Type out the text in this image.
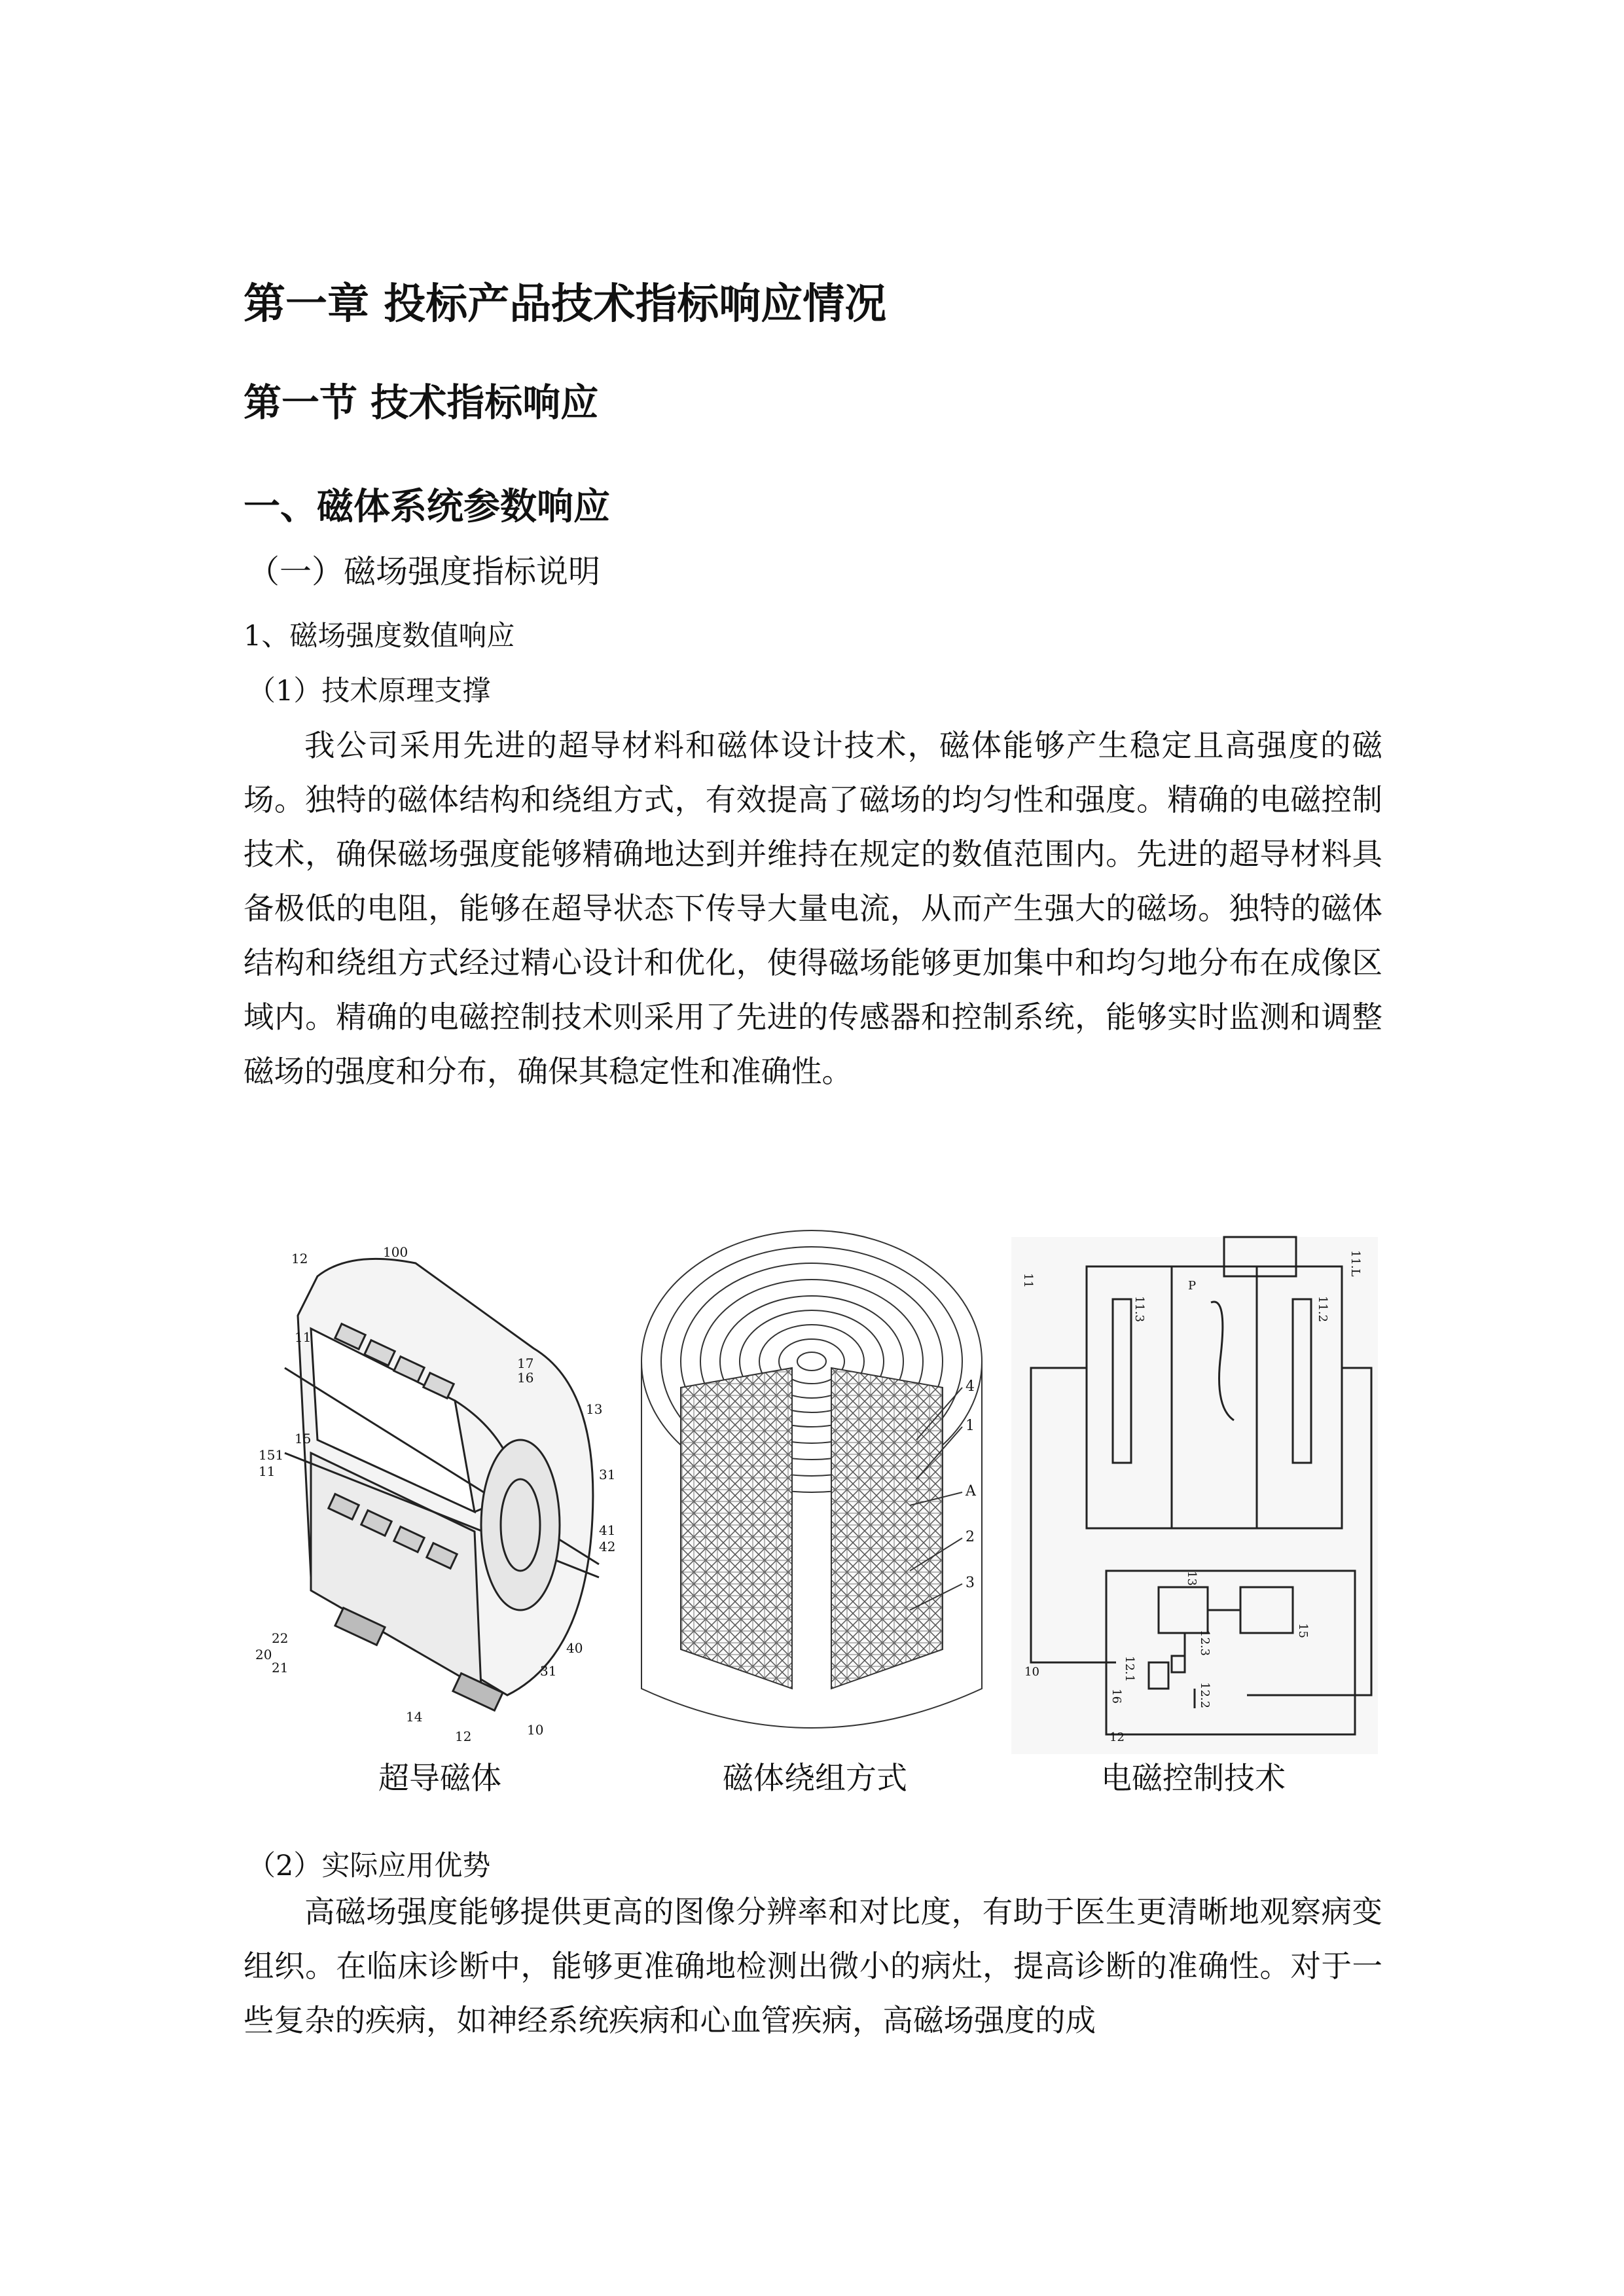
第一章 投标产品技术指标响应情况
第一节 技术指标响应
一、磁体系统参数响应
（一）磁场强度指标说明
1、磁场强度数值响应
（1）技术原理支撑

我公司采用先进的超导材料和磁体设计技术，磁体能够产生稳定且高强度的磁场。独特的磁体结构和绕组方式，有效提高了磁场的均匀性和强度。精确的电磁控制技术，确保磁场强度能够精确地达到并维持在规定的数值范围内。先进的超导材料具备极低的电阻，能够在超导状态下传导大量电流，从而产生强大的磁场。独特的磁体结构和绕组方式经过精心设计和优化，使得磁场能够更加集中和均匀地分布在成像区域内。精确的电磁控制技术则采用了先进的传感器和控制系统，能够实时监测和调整磁场的强度和分布，确保其稳定性和准确性。

12	100
11
17
16
13
151
15
11	31
41
42
22
20
21
40
31
14
12	10
超导磁体
4
1
A
2
3
磁体绕组方式
11
11.3
P
11.2
11.L
13
15
12.3
12.1
12.2
16
10
12
电磁控制技术
（2）实际应用优势

高磁场强度能够提供更高的图像分辨率和对比度，有助于医生更清晰地观察病变组织。在临床诊断中，能够更准确地检测出微小的病灶，提高诊断的准确性。对于一些复杂的疾病，如神经系统疾病和心血管疾病，高磁场强度的成
